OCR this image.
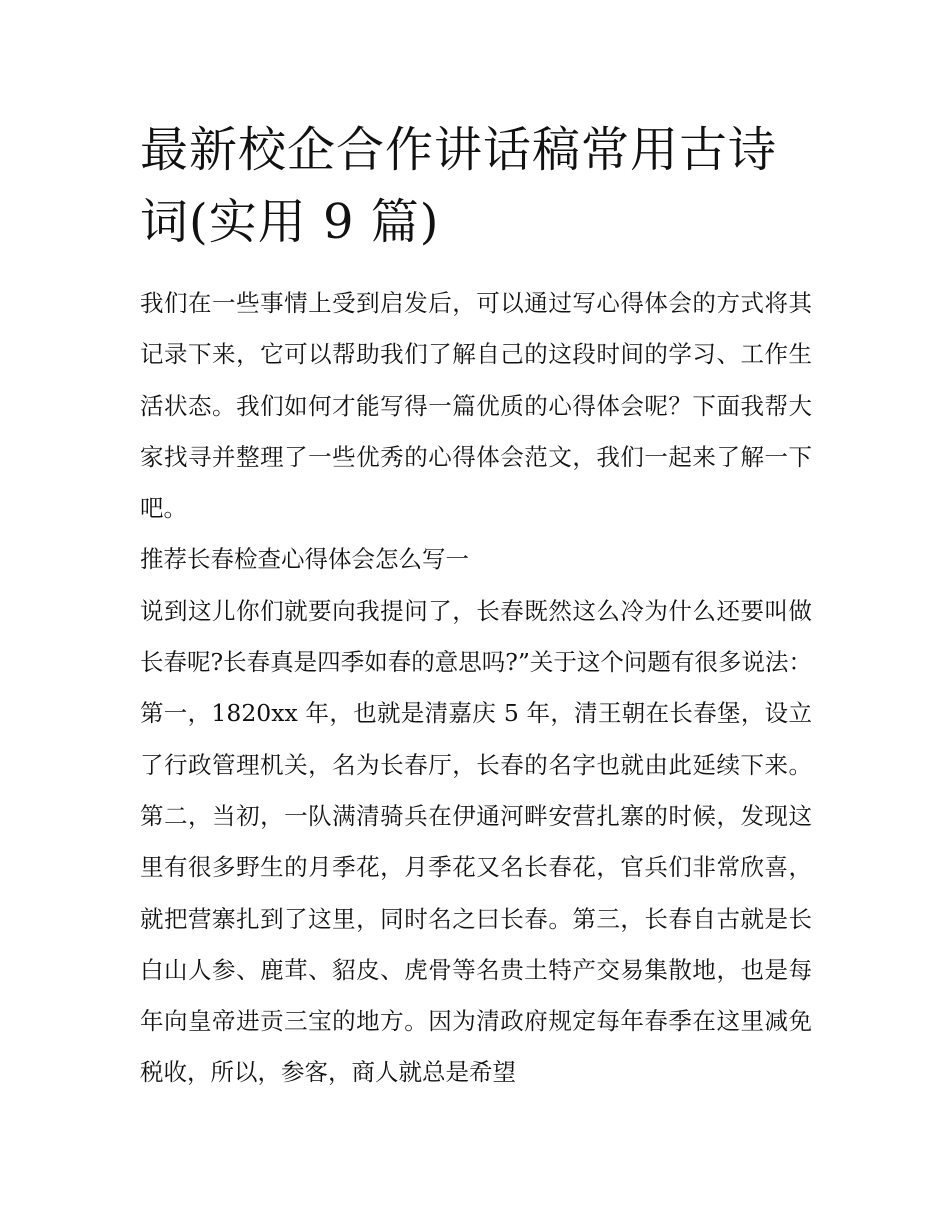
最新校企合作讲话稿常用古诗词(实用 9 篇)

我们在一些事情上受到启发后，可以通过写心得体会的方式将其记录下来，它可以帮助我们了解自己的这段时间的学习、工作生活状态。我们如何才能写得一篇优质的心得体会呢？下面我帮大家找寻并整理了一些优秀的心得体会范文，我们一起来了解一下吧。

推荐长春检查心得体会怎么写一

说到这儿你们就要向我提问了，长春既然这么冷为什么还要叫做长春呢?长春真是四季如春的意思吗?”关于这个问题有很多说法：第一，1820xx 年，也就是清嘉庆 5 年，清王朝在长春堡，设立了行政管理机关，名为长春厅，长春的名字也就由此延续下来。第二，当初，一队满清骑兵在伊通河畔安营扎寨的时候，发现这里有很多野生的月季花，月季花又名长春花，官兵们非常欣喜，就把营寨扎到了这里，同时名之曰长春。第三，长春自古就是长白山人参、鹿茸、貂皮、虎骨等名贵土特产交易集散地，也是每年向皇帝进贡三宝的地方。因为清政府规定每年春季在这里减免税收，所以，参客，商人就总是希望
